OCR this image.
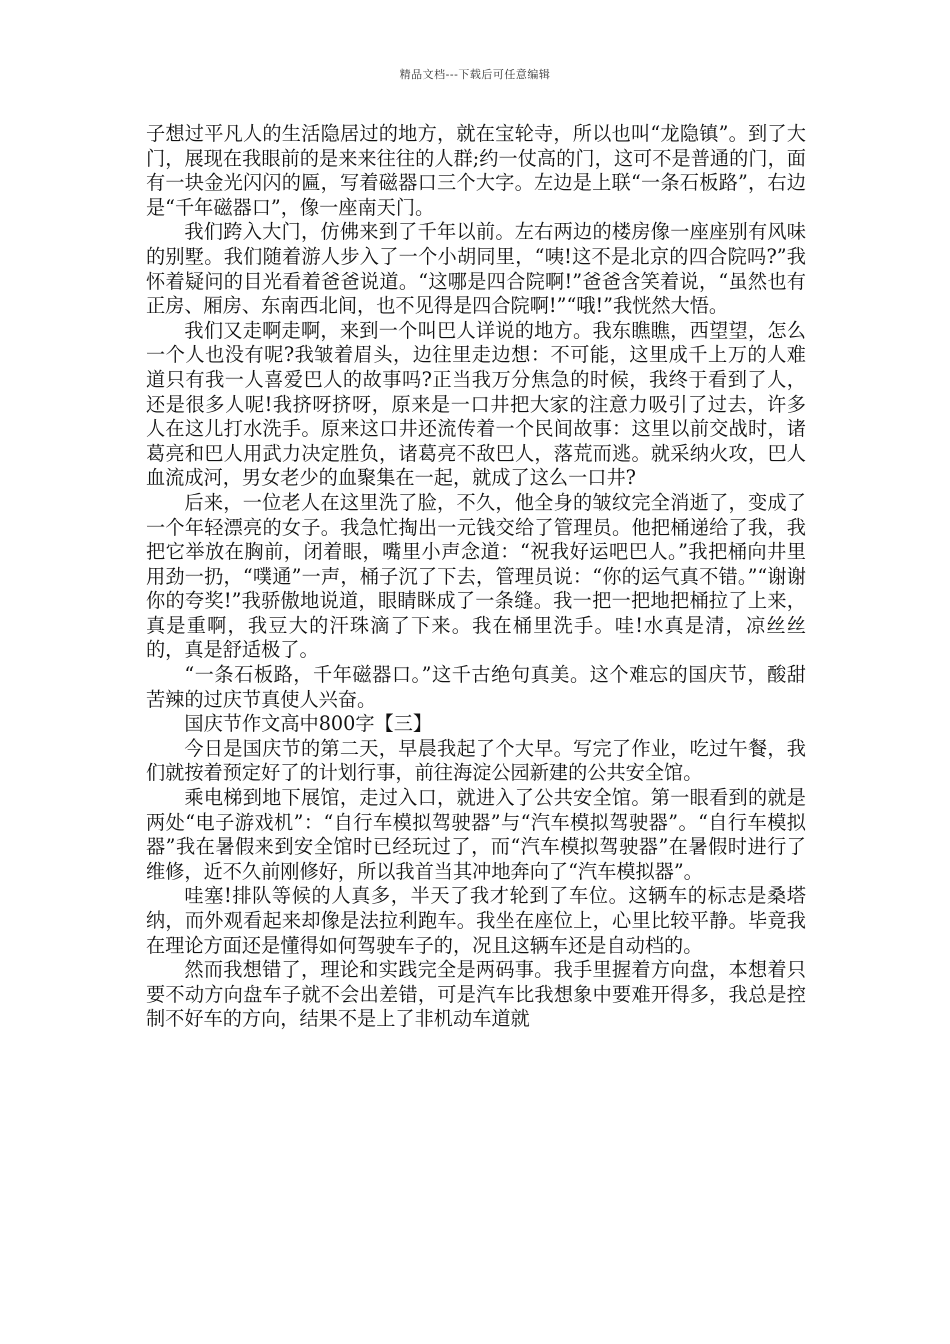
精品文档---下载后可任意编辑

子想过平凡人的生活隐居过的地方，就在宝轮寺，所以也叫“龙隐镇”。到了大门，展现在我眼前的是来来往往的人群;约一仗高的门，这可不是普通的门，面有一块金光闪闪的匾，写着磁器口三个大字。左边是上联“一条石板路”，右边是“千年磁器口”，像一座南天门。

我们跨入大门，仿佛来到了千年以前。左右两边的楼房像一座座别有风味的别墅。我们随着游人步入了一个小胡同里，“咦!这不是北京的四合院吗?”我怀着疑问的目光看着爸爸说道。“这哪是四合院啊!”爸爸含笑着说，“虽然也有正房、厢房、东南西北间，也不见得是四合院啊!”“哦!”我恍然大悟。

我们又走啊走啊，来到一个叫巴人详说的地方。我东瞧瞧，西望望，怎么一个人也没有呢?我皱着眉头，边往里走边想：不可能，这里成千上万的人难道只有我一人喜爱巴人的故事吗?正当我万分焦急的时候，我终于看到了人，还是很多人呢!我挤呀挤呀，原来是一口井把大家的注意力吸引了过去，许多人在这儿打水洗手。原来这口井还流传着一个民间故事：这里以前交战时，诸葛亮和巴人用武力决定胜负，诸葛亮不敌巴人，落荒而逃。就采纳火攻，巴人血流成河，男女老少的血聚集在一起，就成了这么一口井?

后来，一位老人在这里洗了脸，不久，他全身的皱纹完全消逝了，变成了一个年轻漂亮的女子。我急忙掏出一元钱交给了管理员。他把桶递给了我，我把它举放在胸前，闭着眼，嘴里小声念道：“祝我好运吧巴人。”我把桶向井里用劲一扔，“噗通”一声，桶子沉了下去，管理员说：“你的运气真不错。”“谢谢你的夸奖!”我骄傲地说道，眼睛眯成了一条缝。我一把一把地把桶拉了上来，真是重啊，我豆大的汗珠滴了下来。我在桶里洗手。哇!水真是清，凉丝丝的，真是舒适极了。

“一条石板路，千年磁器口。”这千古绝句真美。这个难忘的国庆节，酸甜苦辣的过庆节真使人兴奋。

国庆节作文高中800字【三】

今日是国庆节的第二天，早晨我起了个大早。写完了作业，吃过午餐，我们就按着预定好了的计划行事，前往海淀公园新建的公共安全馆。

乘电梯到地下展馆，走过入口，就进入了公共安全馆。第一眼看到的就是两处“电子游戏机”：“自行车模拟驾驶器”与“汽车模拟驾驶器”。“自行车模拟器”我在暑假来到安全馆时已经玩过了，而“汽车模拟驾驶器”在暑假时进行了维修，近不久前刚修好，所以我首当其冲地奔向了“汽车模拟器”。

哇塞!排队等候的人真多，半天了我才轮到了车位。这辆车的标志是桑塔纳，而外观看起来却像是法拉利跑车。我坐在座位上，心里比较平静。毕竟我在理论方面还是懂得如何驾驶车子的，况且这辆车还是自动档的。

然而我想错了，理论和实践完全是两码事。我手里握着方向盘，本想着只要不动方向盘车子就不会出差错，可是汽车比我想象中要难开得多，我总是控制不好车的方向，结果不是上了非机动车道就
